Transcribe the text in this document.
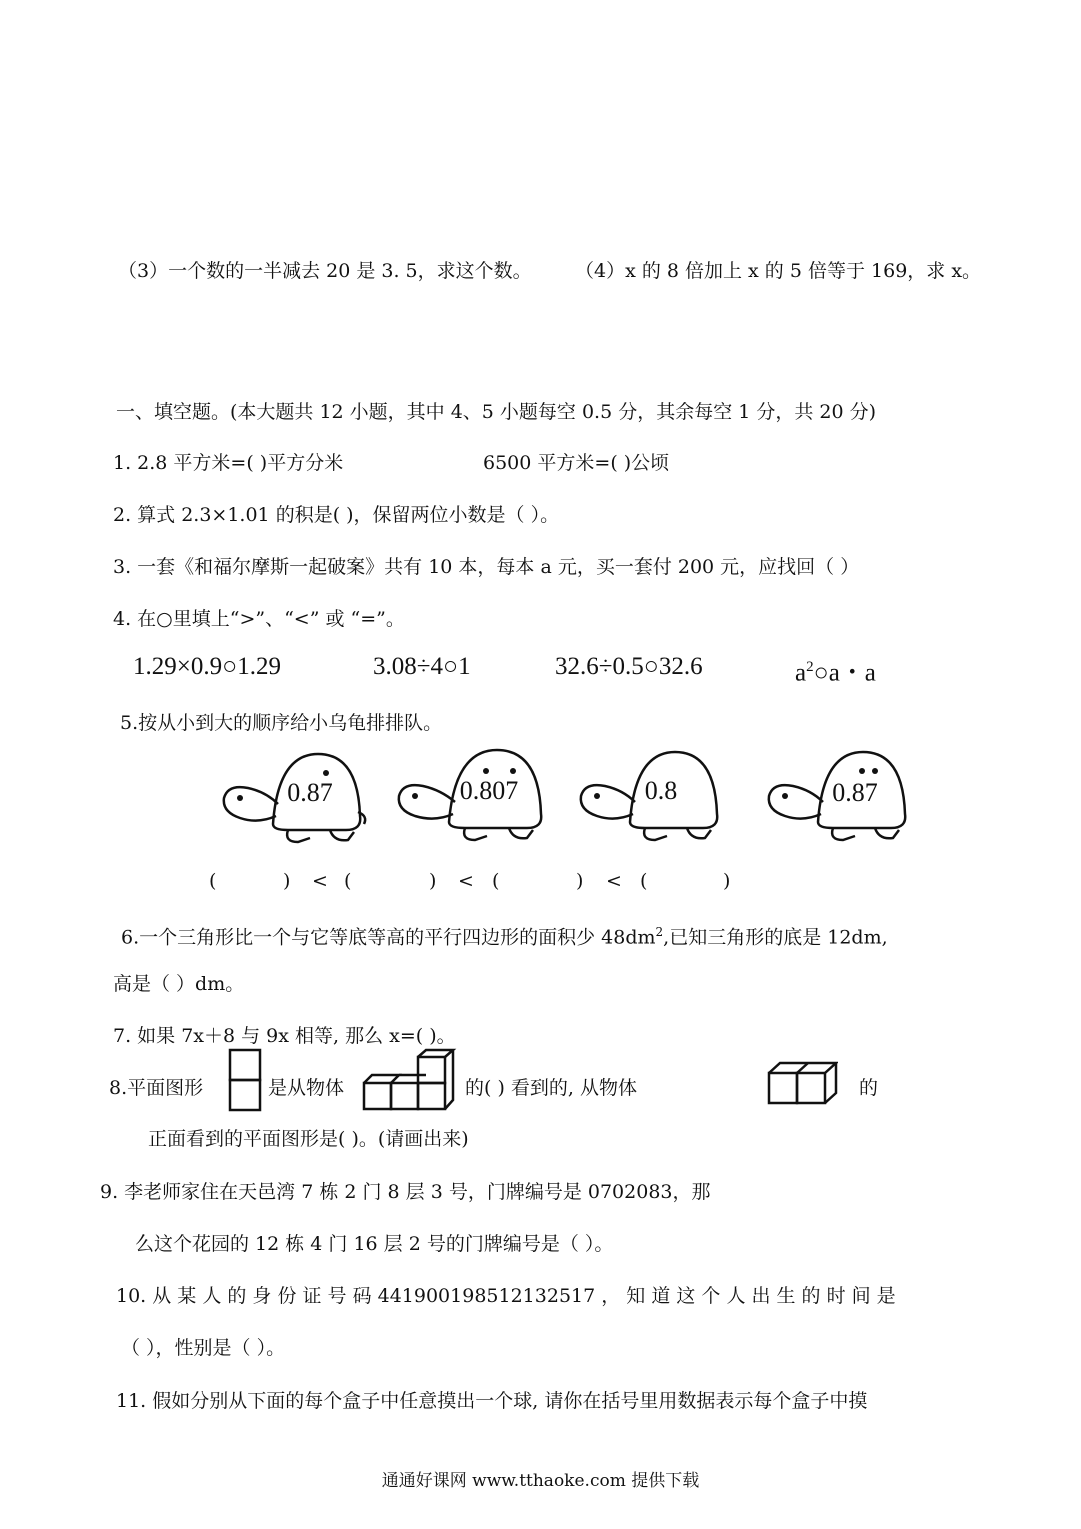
（3）一个数的一半减去 20 是 3. 5，求这个数。 （4）x 的 8 倍加上 x 的 5 倍等于 169，求 x。
一、填空题。(本大题共 12 小题，其中 4、5 小题每空 0.5 分，其余每空 1 分，共 20 分)
1. 2.8 平方米=( )平方分米	6500 平方米=( )公顷
2. 算式 2.3×1.01 的积是( )，保留两位小数是（ ）。
3. 一套《和福尔摩斯一起破案》共有 10 本，每本 a 元，买一套付 200 元，应找回（ ）
4. 在○里填上“>”、“<” 或 “=”。
1.29×0.9○1.29	3.08÷4○1	32.6÷0.5○32.6	$a^2○a$・a
5.按从小到大的顺序给小乌龟排排队。
0.87	0.807	0.8	0.87
(	) < (	) < (	) < (	)
6.一个三角形比一个与它等底等高的平行四边形的面积少 $48dm^2$,已知三角形的底是 12dm,
高是（ ）dm。
7. 如果 7x＋8 与 9x 相等, 那么 x=( )。
8.平面图形	是从物体	的( ) 看到的, 从物体	的
正面看到的平面图形是( )。(请画出来)
9. 李老师家住在天邑湾 7 栋 2 门 8 层 3 号，门牌编号是 0702083，那
么这个花园的 12 栋 4 门 16 层 2 号的门牌编号是（ ）。
10. 从 某 人 的 身 份 证 号 码 441900198512132517 ， 知 道 这 个 人 出 生 的 时 间 是
（ ），性别是（ ）。
11. 假如分别从下面的每个盒子中任意摸出一个球, 请你在括号里用数据表示每个盒子中摸
通通好课网 www.tthaoke.com 提供下载
